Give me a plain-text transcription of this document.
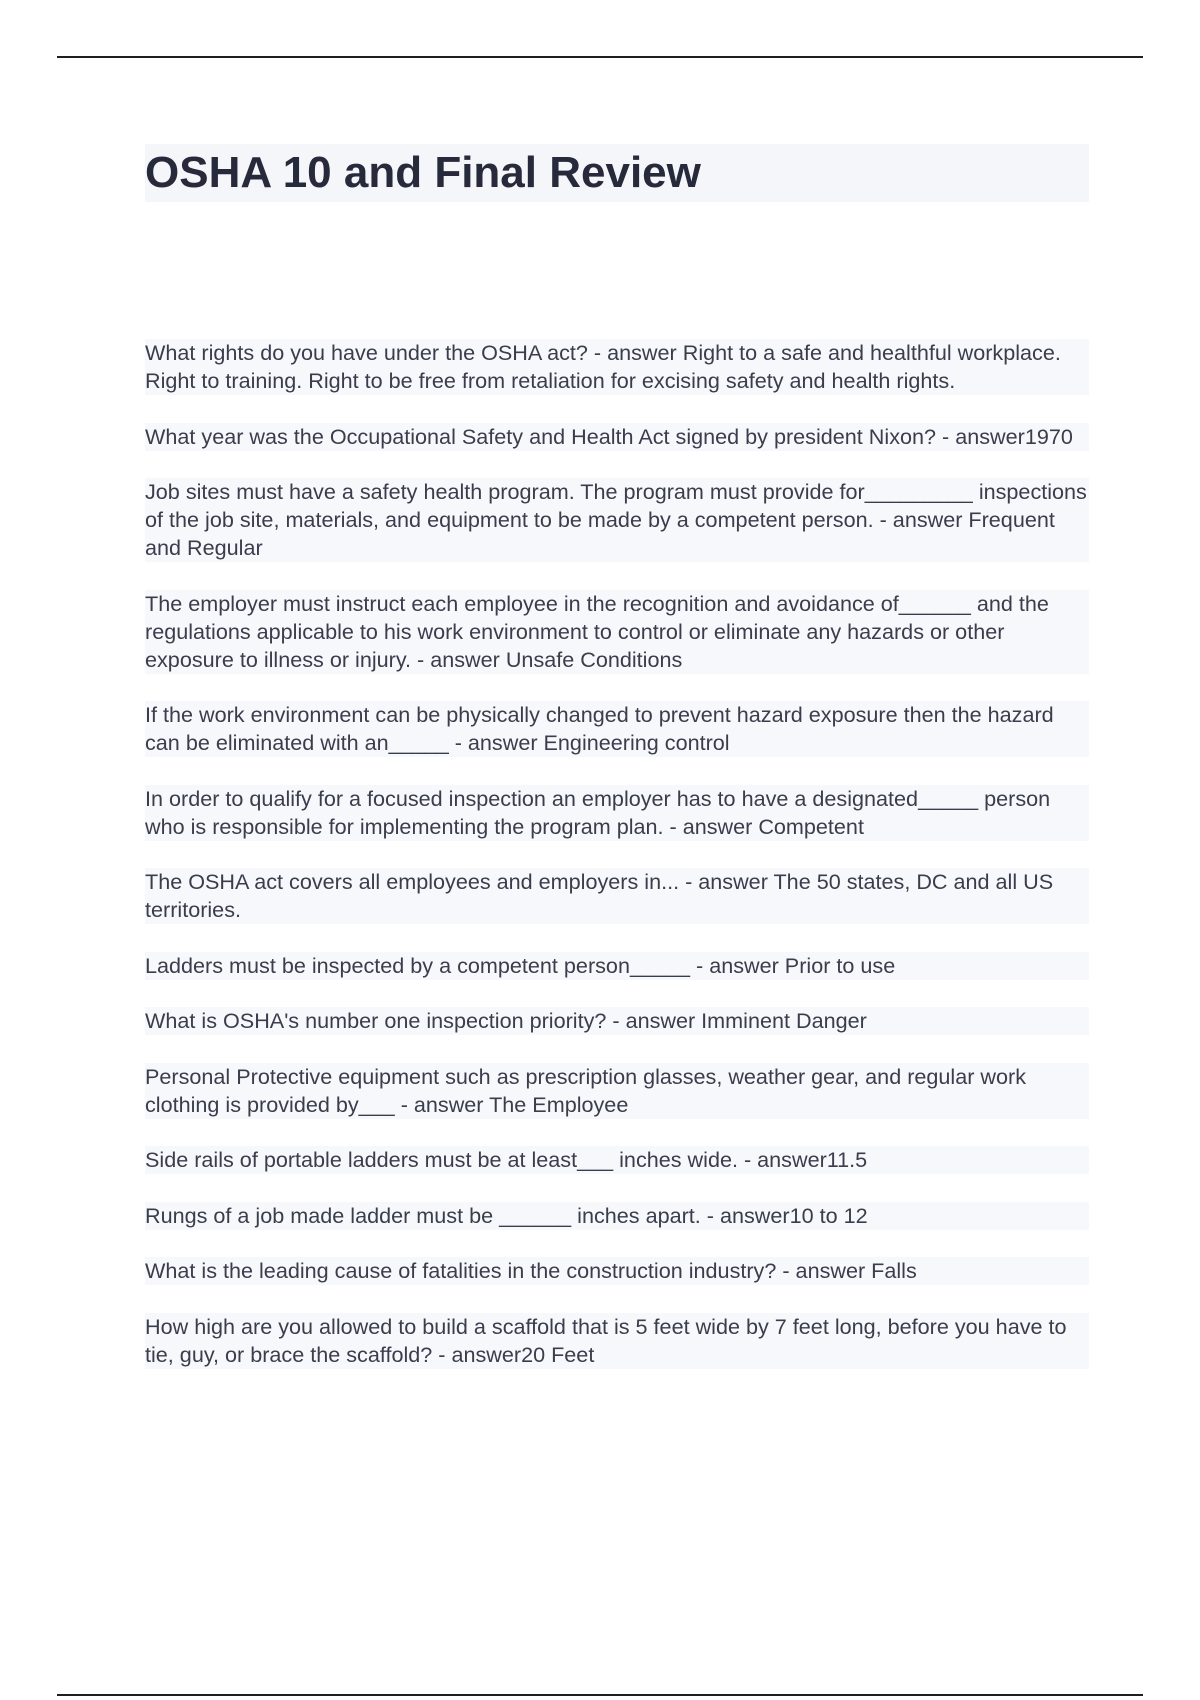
OSHA 10 and Final Review

What rights do you have under the OSHA act? - answer Right to a safe and healthful workplace. Right to training. Right to be free from retaliation for excising safety and health rights.

What year was the Occupational Safety and Health Act signed by president Nixon? - answer1970

Job sites must have a safety health program. The program must provide for_________ inspections of the job site, materials, and equipment to be made by a competent person. - answer Frequent and Regular

The employer must instruct each employee in the recognition and avoidance of______ and the regulations applicable to his work environment to control or eliminate any hazards or other exposure to illness or injury. - answer Unsafe Conditions

If the work environment can be physically changed to prevent hazard exposure then the hazard can be eliminated with an_____ - answer Engineering control

In order to qualify for a focused inspection an employer has to have a designated_____ person who is responsible for implementing the program plan. - answer Competent

The OSHA act covers all employees and employers in... - answer The 50 states, DC and all US territories.

Ladders must be inspected by a competent person_____ - answer Prior to use

What is OSHA's number one inspection priority? - answer Imminent Danger

Personal Protective equipment such as prescription glasses, weather gear, and regular work clothing is provided by___ - answer The Employee

Side rails of portable ladders must be at least___ inches wide. - answer11.5

Rungs of a job made ladder must be ______ inches apart. - answer10 to 12

What is the leading cause of fatalities in the construction industry? - answer Falls

How high are you allowed to build a scaffold that is 5 feet wide by 7 feet long, before you have to tie, guy, or brace the scaffold? - answer20 Feet
